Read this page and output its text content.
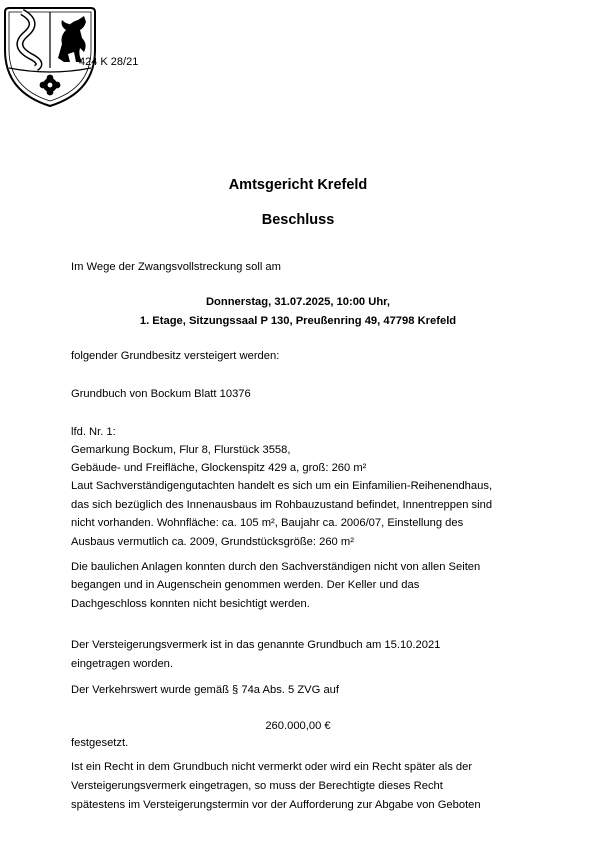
424 K 28/21

Amtsgericht Krefeld
Beschluss

Im Wege der Zwangsvollstreckung soll am

Donnerstag, 31.07.2025, 10:00 Uhr,

1. Etage, Sitzungssaal P 130, Preußenring 49, 47798 Krefeld

folgender Grundbesitz versteigert werden:

Grundbuch von Bockum Blatt 10376

lfd. Nr. 1:

Gemarkung Bockum, Flur 8, Flurstück 3558,

Gebäude- und Freifläche, Glockenspitz 429 a, groß: 260 m²

Laut Sachverständigengutachten handelt es sich um ein Einfamilien-Reihenendhaus,

das sich bezüglich des Innenausbaus im Rohbauzustand befindet, Innentreppen sind

nicht vorhanden. Wohnfläche: ca. 105 m², Baujahr ca. 2006/07, Einstellung des

Ausbaus vermutlich ca. 2009, Grundstücksgröße: 260 m²

Die baulichen Anlagen konnten durch den Sachverständigen nicht von allen Seiten

begangen und in Augenschein genommen werden. Der Keller und das

Dachgeschloss konnten nicht besichtigt werden.

Der Versteigerungsvermerk ist in das genannte Grundbuch am 15.10.2021

eingetragen worden.

Der Verkehrswert wurde gemäß § 74a Abs. 5 ZVG auf

260.000,00 €

festgesetzt.

Ist ein Recht in dem Grundbuch nicht vermerkt oder wird ein Recht später als der

Versteigerungsvermerk eingetragen, so muss der Berechtigte dieses Recht

spätestens im Versteigerungstermin vor der Aufforderung zur Abgabe von Geboten
